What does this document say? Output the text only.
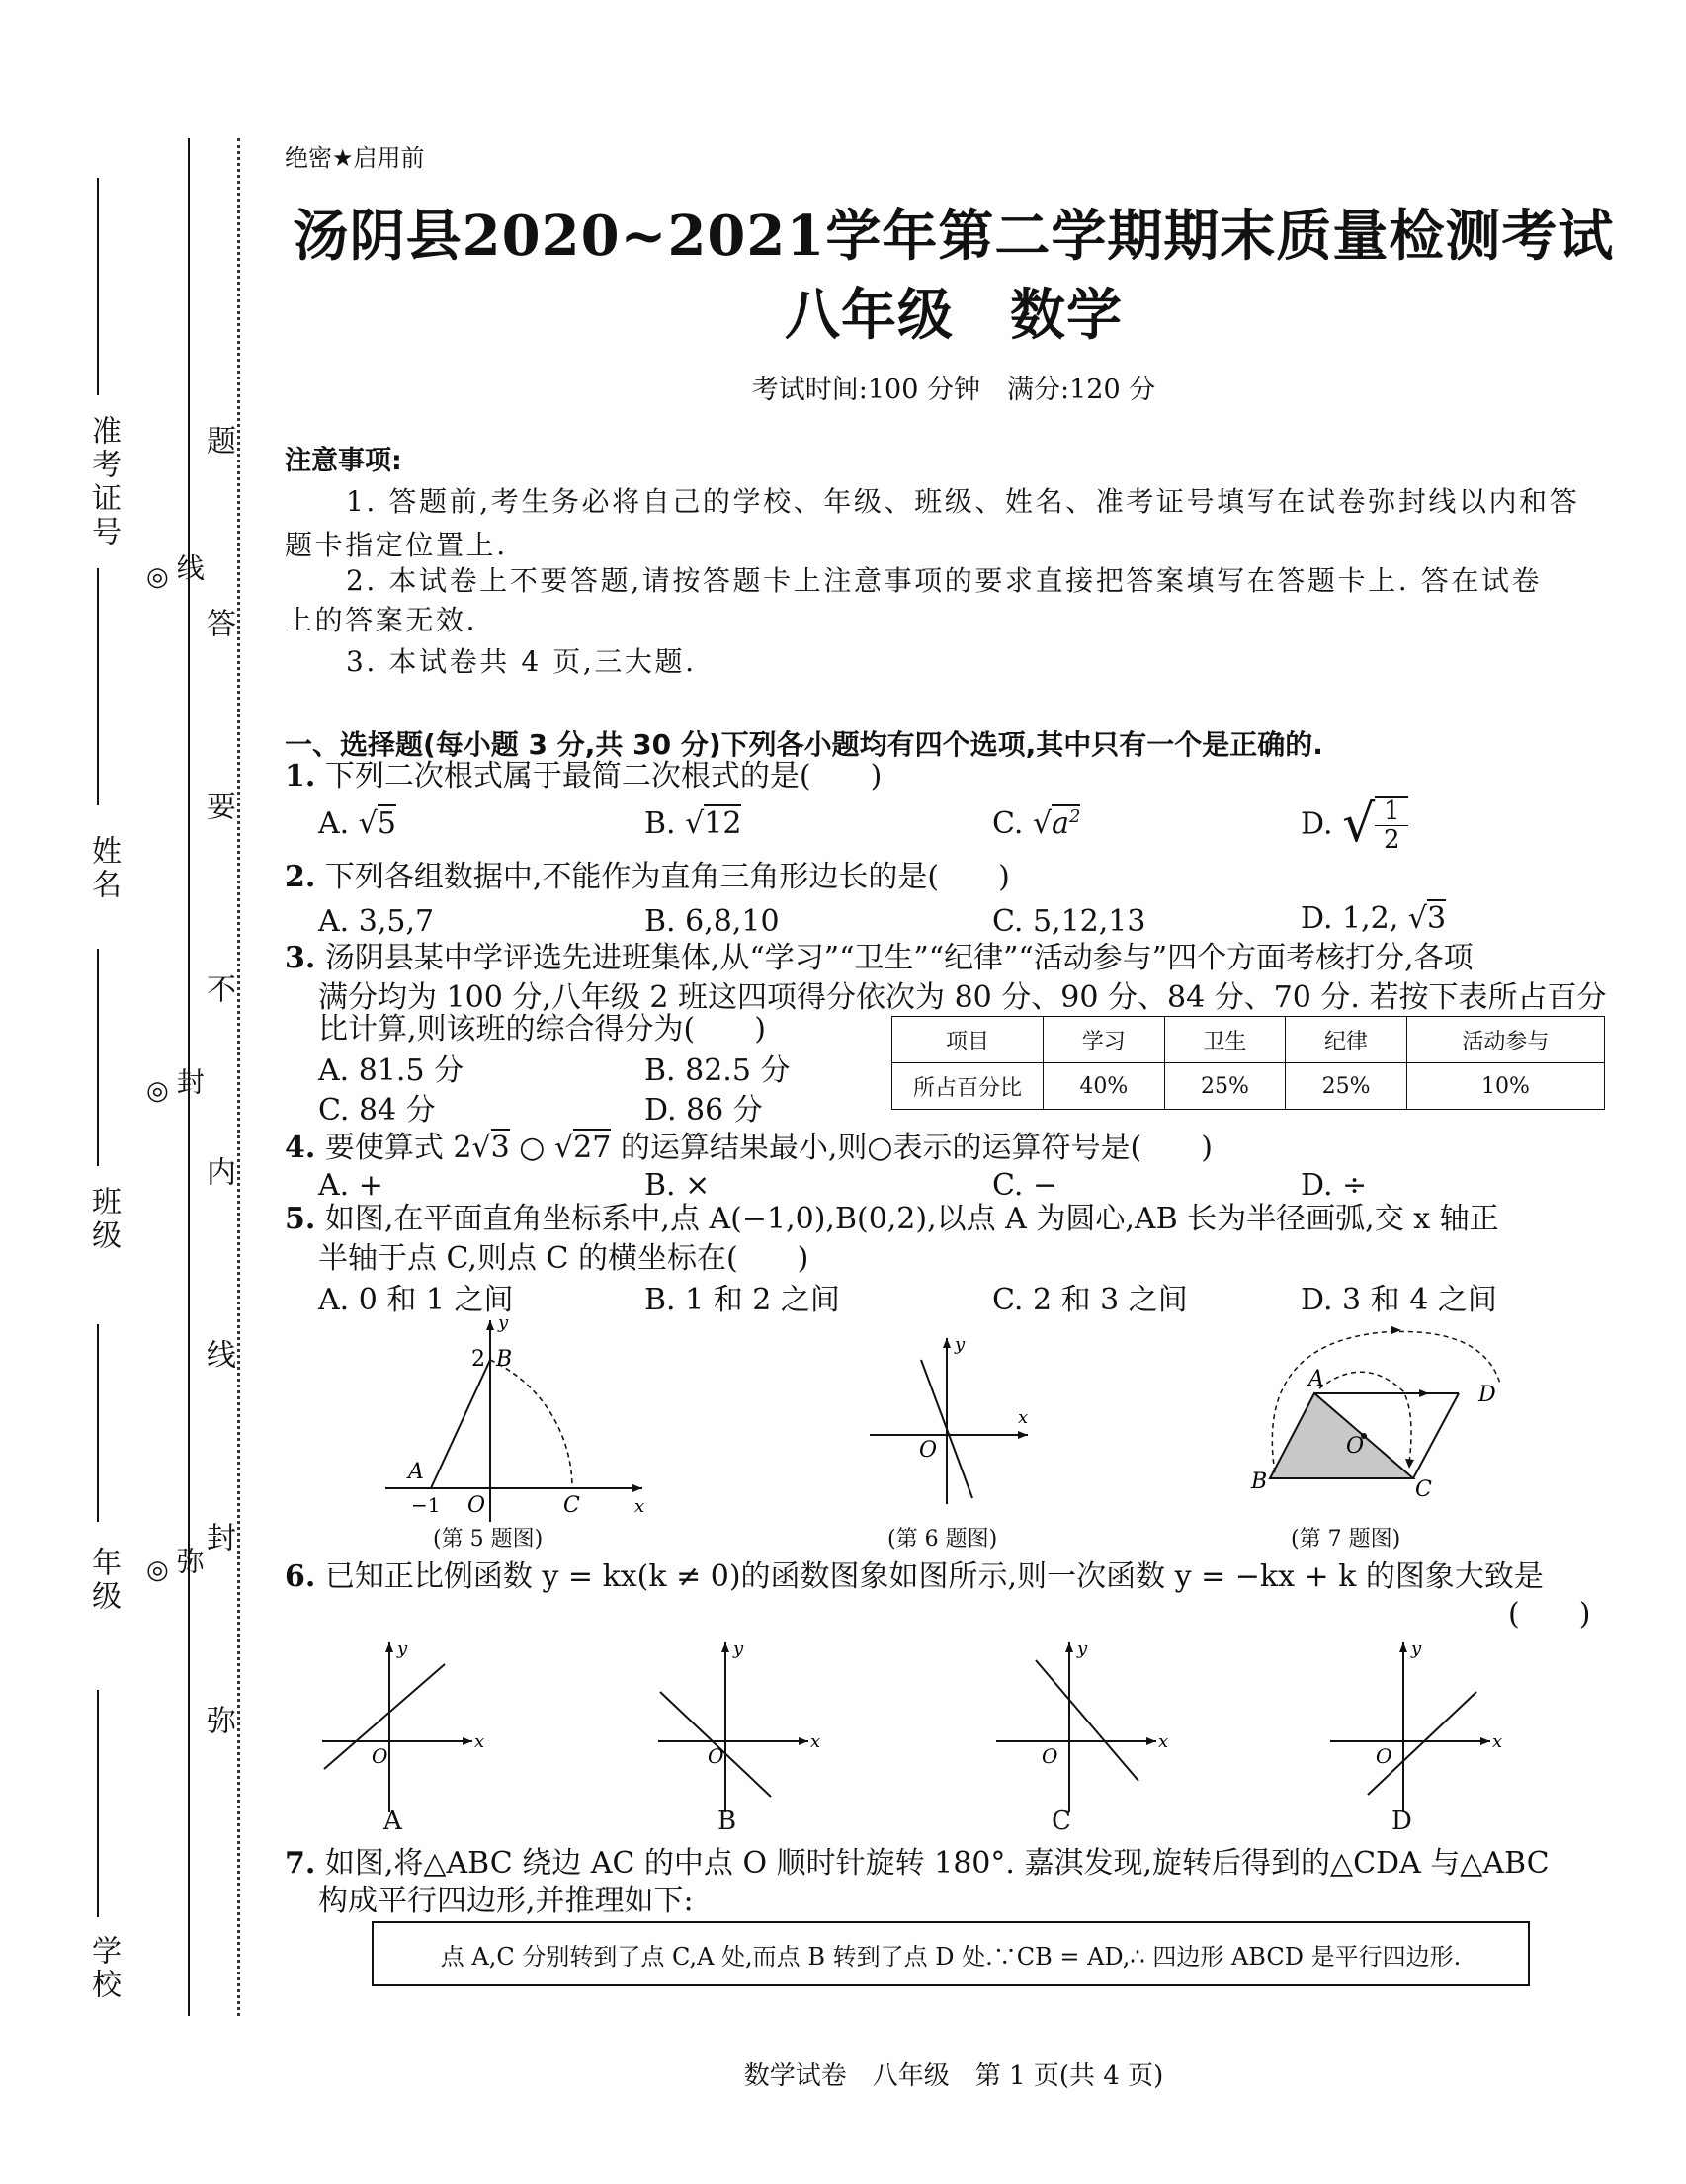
准考证号
姓名
班级
年级
学校
◎ 线
◎ 封
◎ 弥
题
答
要
不
内
线
封
弥
绝密★启用前
汤阴县2020~2021学年第二学期期末质量检测考试
八年级　数学
考试时间:100 分钟　满分:120 分
注意事项:
1. 答题前,考生务必将自己的学校、年级、班级、姓名、准考证号填写在试卷弥封线以内和答
题卡指定位置上.
2. 本试卷上不要答题,请按答题卡上注意事项的要求直接把答案填写在答题卡上. 答在试卷
上的答案无效.
3. 本试卷共 4 页,三大题.
一、选择题(每小题 3 分,共 30 分)下列各小题均有四个选项,其中只有一个是正确的.
1. 下列二次根式属于最简二次根式的是(　　)
A. √5	B. √12	C. $√a^2$	D. √ $\frac{1}{2}$
2. 下列各组数据中,不能作为直角三角形边长的是(　　)
A. 3,5,7	B. 6,8,10	C. 5,12,13	D. 1,2, √3
3. 汤阴县某中学评选先进班集体,从“学习”“卫生”“纪律”“活动参与”四个方面考核打分,各项
满分均为 100 分,八年级 2 班这四项得分依次为 80 分、90 分、84 分、70 分. 若按下表所占百分
比计算,则该班的综合得分为(　　)
A. 81.5 分	B. 82.5 分
C. 84 分	D. 86 分
项目	学习	卫生	纪律	活动参与
所占百分比	40%	25%	25%	10%
4. 要使算式 2√3 ○ √27 的运算结果最小,则○表示的运算符号是(　　)
A. +	B. ×	C. −	D. ÷
5. 如图,在平面直角坐标系中,点 A(−1,0),B(0,2),以点 A 为圆心,AB 长为半径画弧,交 x 轴正
半轴于点 C,则点 C 的横坐标在(　　)
A. 0 和 1 之间	B. 1 和 2 之间	C. 2 和 3 之间	D. 3 和 4 之间
y
x
2 B
A
O	C
−1
(第 5 题图)
y
x
O
(第 6 题图)
A
B	C
D
O
(第 7 题图)
6. 已知正比例函数 y = kx(k ≠ 0)的函数图象如图所示,则一次函数 y = −kx + k 的图象大致是
(　　)
y
x
O
A
y
x
O
B
y
x
O
C
y
x
O
D
7. 如图,将△ABC 绕边 AC 的中点 O 顺时针旋转 180°. 嘉淇发现,旋转后得到的△CDA 与△ABC
构成平行四边形,并推理如下:
点 A,C 分别转到了点 C,A 处,而点 B 转到了点 D 处.∵CB = AD,∴ 四边形 ABCD 是平行四边形.
数学试卷　八年级　第 1 页(共 4 页)
